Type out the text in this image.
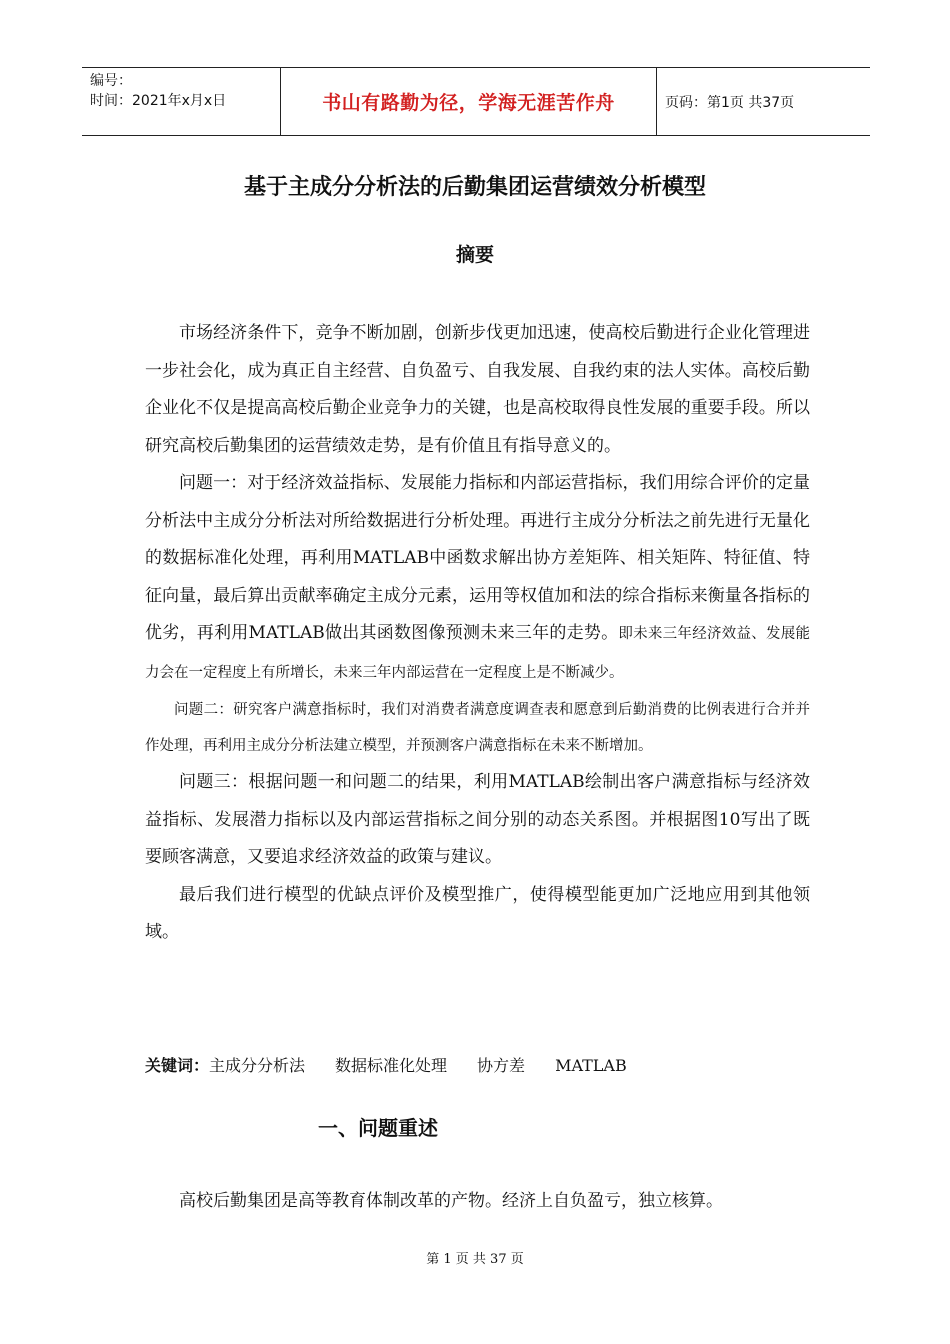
编号：
时间：2021年x月x日	书山有路勤为径，学海无涯苦作舟	页码：第1页 共37页
基于主成分分析法的后勤集团运营绩效分析模型
摘要

市场经济条件下，竞争不断加剧，创新步伐更加迅速，使高校后勤进行企业化管理进一步社会化，成为真正自主经营、自负盈亏、自我发展、自我约束的法人实体。高校后勤企业化不仅是提高高校后勤企业竞争力的关键，也是高校取得良性发展的重要手段。所以研究高校后勤集团的运营绩效走势，是有价值且有指导意义的。

问题一：对于经济效益指标、发展能力指标和内部运营指标，我们用综合评价的定量分析法中主成分分析法对所给数据进行分析处理。再进行主成分分析法之前先进行无量化的数据标准化处理，再利用MATLAB中函数求解出协方差矩阵、相关矩阵、特征值、特征向量，最后算出贡献率确定主成分元素，运用等权值加和法的综合指标来衡量各指标的优劣，再利用MATLAB做出其函数图像预测未来三年的走势。即未来三年经济效益、发展能力会在一定程度上有所增长，未来三年内部运营在一定程度上是不断减少。

问题二：研究客户满意指标时，我们对消费者满意度调查表和愿意到后勤消费的比例表进行合并并作处理，再利用主成分分析法建立模型，并预测客户满意指标在未来不断增加。

问题三：根据问题一和问题二的结果，利用MATLAB绘制出客户满意指标与经济效益指标、发展潜力指标以及内部运营指标之间分别的动态关系图。并根据图10写出了既要顾客满意，又要追求经济效益的政策与建议。

最后我们进行模型的优缺点评价及模型推广，使得模型能更加广泛地应用到其他领域。

关键词：主成分分析法 数据标准化处理 协方差 MATLAB
一、问题重述
高校后勤集团是高等教育体制改革的产物。经济上自负盈亏，独立核算。
第 1 页 共 37 页
